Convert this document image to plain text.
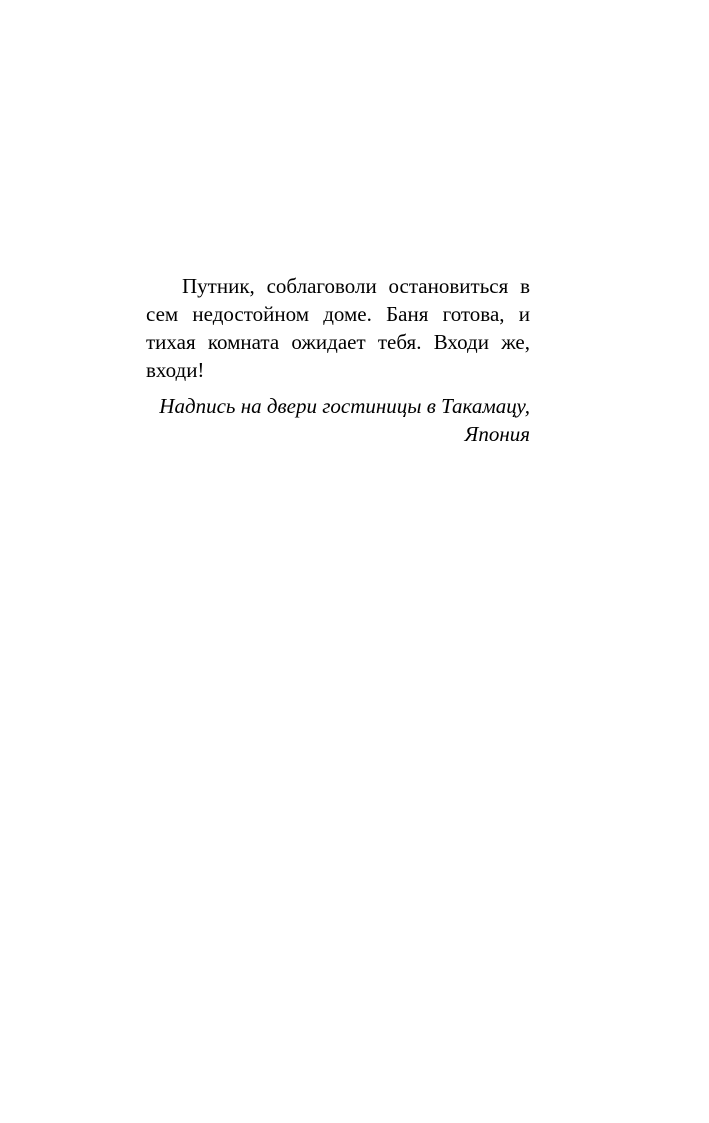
Путник, соблаговоли остановиться в сем недостойном доме. Баня готова, и тихая комната ожидает тебя. Входи же, входи!

Надпись на двери гостиницы в Такамацу,
Япония
